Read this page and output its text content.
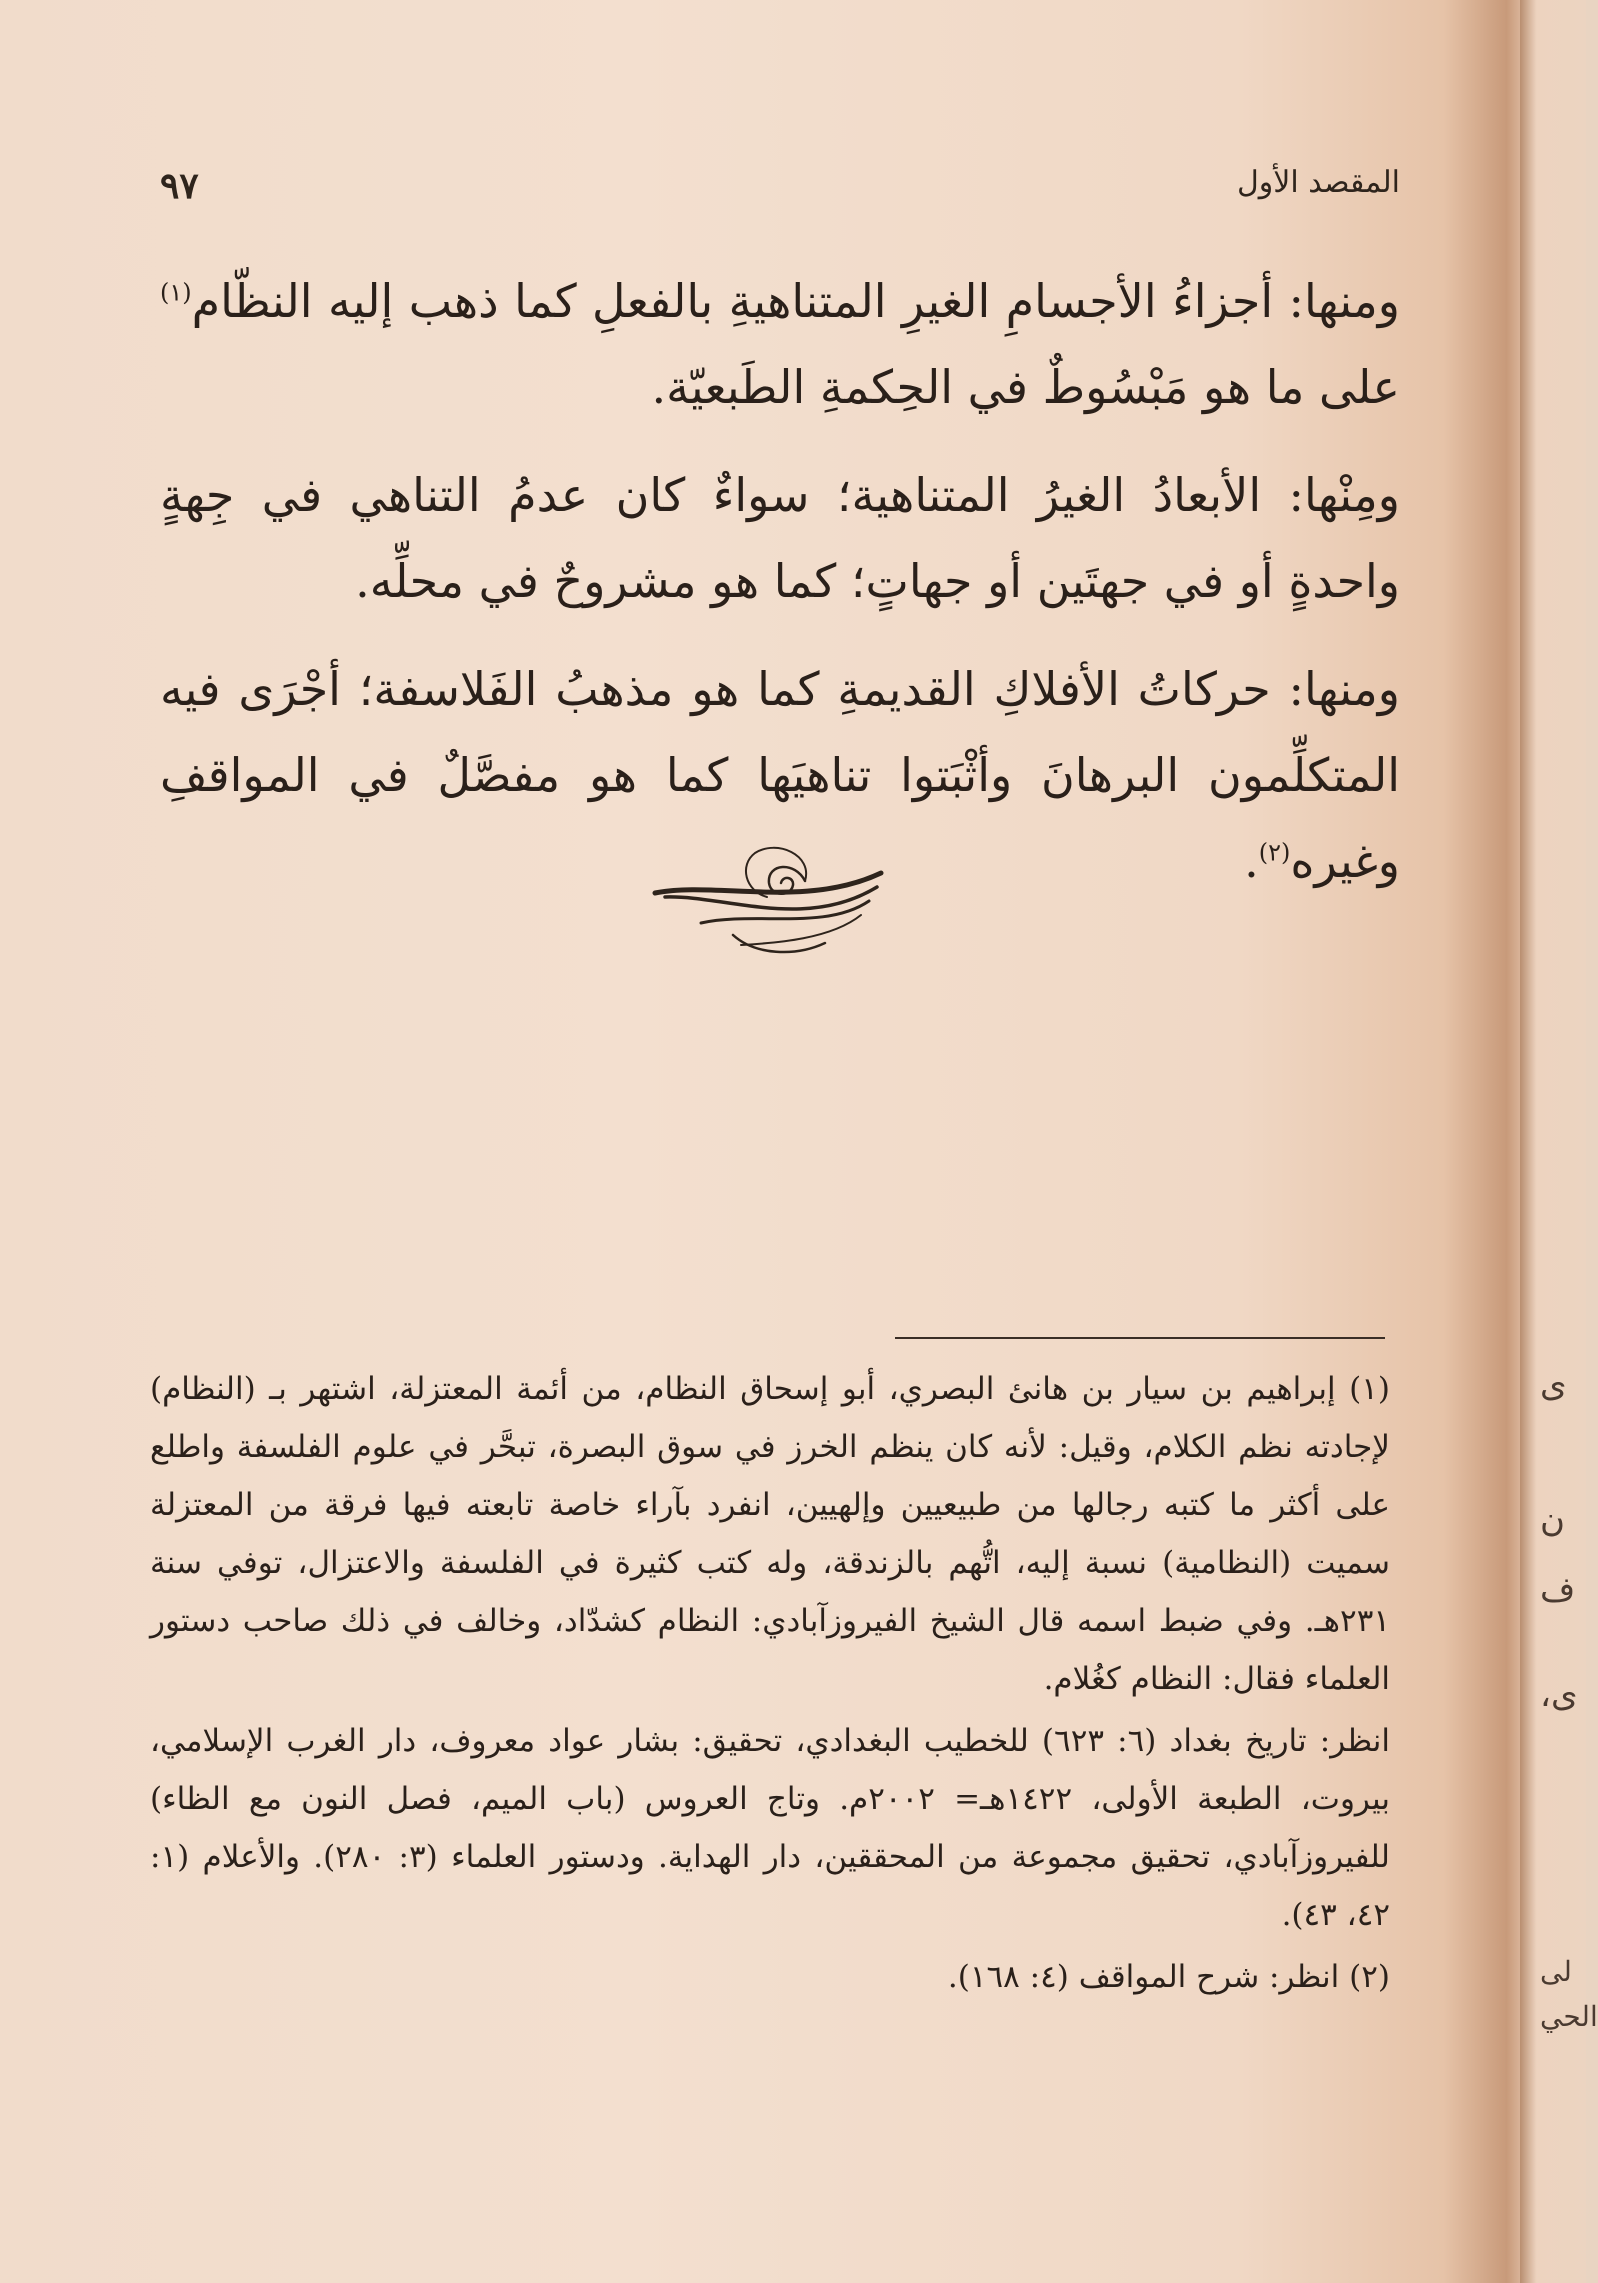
المقصد الأول
٩٧

ومنها: أجزاءُ الأجسامِ الغيرِ المتناهيةِ بالفعلِ كما ذهب إليه النظّام$^{(١)}$ على ما هو مَبْسُوطٌ في الحِكمةِ الطَبعيّة.

ومِنْها: الأبعادُ الغيرُ المتناهية؛ سواءٌ كان عدمُ التناهي في جِهةٍ واحدةٍ أو في جهتَين أو جهاتٍ؛ كما هو مشروحٌ في محلِّه.

ومنها: حركاتُ الأفلاكِ القديمةِ كما هو مذهبُ الفَلاسفة؛ أجْرَى فيه المتكلِّمون البرهانَ وأثْبَتوا تناهيَها كما هو مفصَّلٌ في المواقفِ وغيره$^{(٢)}$.

(١) إبراهيم بن سيار بن هانئ البصري، أبو إسحاق النظام، من أئمة المعتزلة، اشتهر بـ (النظام) لإجادته نظم الكلام، وقيل: لأنه كان ينظم الخرز في سوق البصرة، تبحَّر في علوم الفلسفة واطلع على أكثر ما كتبه رجالها من طبيعيين وإلهيين، انفرد بآراء خاصة تابعته فيها فرقة من المعتزلة سميت (النظامية) نسبة إليه، اتُّهم بالزندقة، وله كتب كثيرة في الفلسفة والاعتزال، توفي سنة ٢٣١هـ. وفي ضبط اسمه قال الشيخ الفيروزآبادي: النظام كشدّاد، وخالف في ذلك صاحب دستور العلماء فقال: النظام كغُلام.

انظر: تاريخ بغداد (٦: ٦٢٣) للخطيب البغدادي، تحقيق: بشار عواد معروف، دار الغرب الإسلامي، بيروت، الطبعة الأولى، ١٤٢٢هـ= ٢٠٠٢م. وتاج العروس (باب الميم، فصل النون مع الظاء) للفيروزآبادي، تحقيق مجموعة من المحققين، دار الهداية. ودستور العلماء (٣: ٢٨٠). والأعلام (١: ٤٢، ٤٣).

(٢) انظر: شرح المواقف (٤: ١٦٨).

ى
ن
ف
ى،
لى
الحي
